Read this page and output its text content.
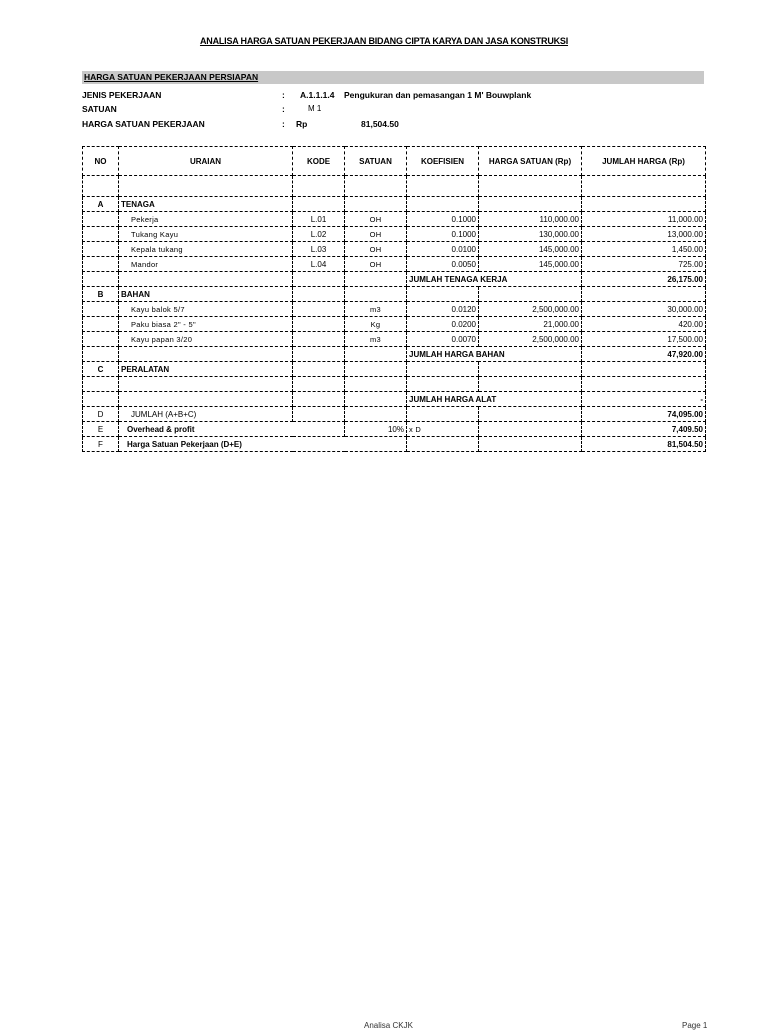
ANALISA HARGA SATUAN PEKERJAAN BIDANG CIPTA KARYA DAN JASA KONSTRUKSI
HARGA SATUAN PEKERJAAN PERSIAPAN
JENIS PEKERJAAN	: A.1.1.1.4 Pengukuran dan pemasangan 1 M' Bouwplank
SATUAN	:	M 1
HARGA SATUAN PEKERJAAN	: Rp	81,504.50
NO	URAIAN	KODE	SATUAN	KOEFISIEN	HARGA SATUAN (Rp)	JUMLAH HARGA (Rp)

A	TENAGA					
	Pekerja	L.01	OH	0.1000	110,000.00	11,000.00
	Tukang Kayu	L.02	OH	0.1000	130,000.00	13,000.00
	Kepala tukang	L.03	OH	0.0100	145,000.00	1,450.00
	Mandor	L.04	OH	0.0050	145,000.00	725.00
				JUMLAH TENAGA KERJA		26,175.00
B	BAHAN					
	Kayu balok 5/7		m3	0.0120	2,500,000.00	30,000.00
	Paku biasa 2" - 5"		Kg	0.0200	21,000.00	420.00
	Kayu papan 3/20		m3	0.0070	2,500,000.00	17,500.00
				JUMLAH HARGA BAHAN		47,920.00
C	PERALATAN					

				JUMLAH HARGA ALAT		-
D	JUMLAH (A+B+C)					74,095.00
E	Overhead & profit		10%	x D		7,409.50
F	Harga Satuan Pekerjaan (D+E)					81,504.50
Analisa CKJK	Page 1
